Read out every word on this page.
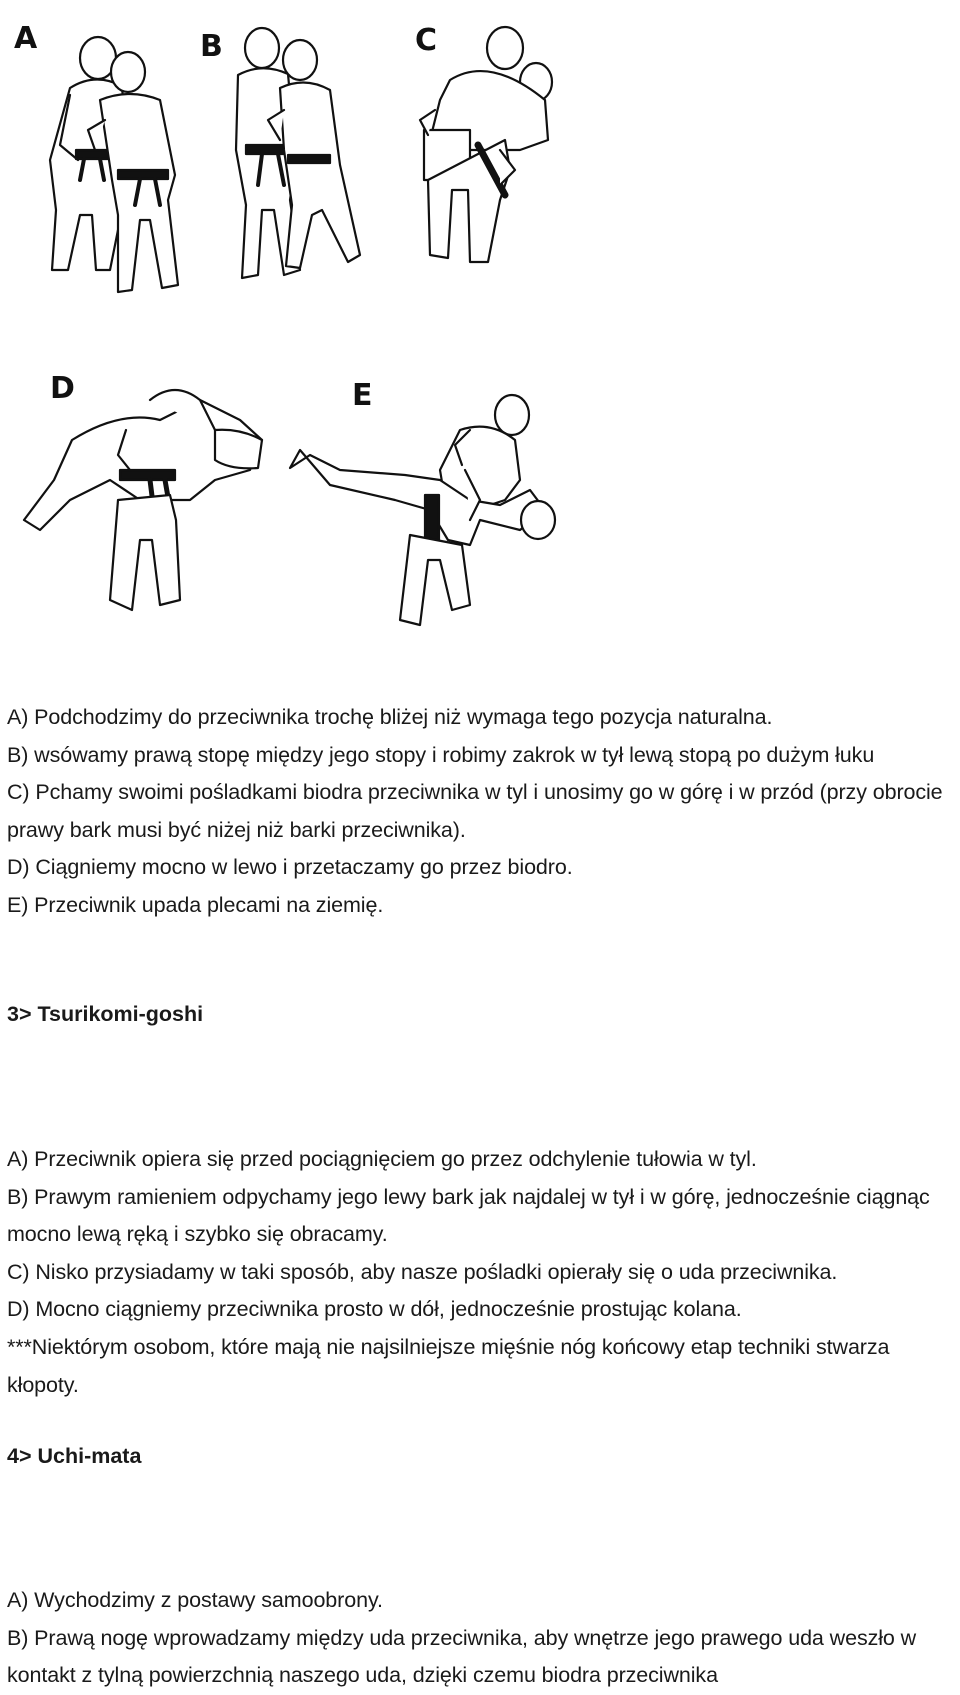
A	B	C
D	E

A) Podchodzimy do przeciwnika trochę bliżej niż wymaga tego pozycja naturalna.

B) wsówamy prawą stopę między jego stopy i robimy zakrok w tył lewą stopą po dużym łuku

C) Pchamy swoimi pośladkami biodra przeciwnika w tyl i unosimy go w górę i w przód (przy obrocie prawy bark musi być niżej niż barki przeciwnika).

D) Ciągniemy mocno w lewo i przetaczamy go przez biodro.

E) Przeciwnik upada plecami na ziemię.

3> Tsurikomi-goshi

A) Przeciwnik opiera się przed pociągnięciem go przez odchylenie tułowia w tyl.

B) Prawym ramieniem odpychamy jego lewy bark jak najdalej w tył i w górę, jednocześnie ciągnąc mocno lewą ręką i szybko się obracamy.

C) Nisko przysiadamy w taki sposób, aby nasze pośladki opierały się o uda przeciwnika.

D) Mocno ciągniemy przeciwnika prosto w dół, jednocześnie prostując kolana.

***Niektórym osobom, które mają nie najsilniejsze mięśnie nóg końcowy etap techniki stwarza kłopoty.

4> Uchi-mata

A) Wychodzimy z postawy samoobrony.

B) Prawą nogę wprowadzamy między uda przeciwnika, aby wnętrze jego prawego uda weszło w kontakt z tylną powierzchnią naszego uda, dzięki czemu biodra przeciwnika
